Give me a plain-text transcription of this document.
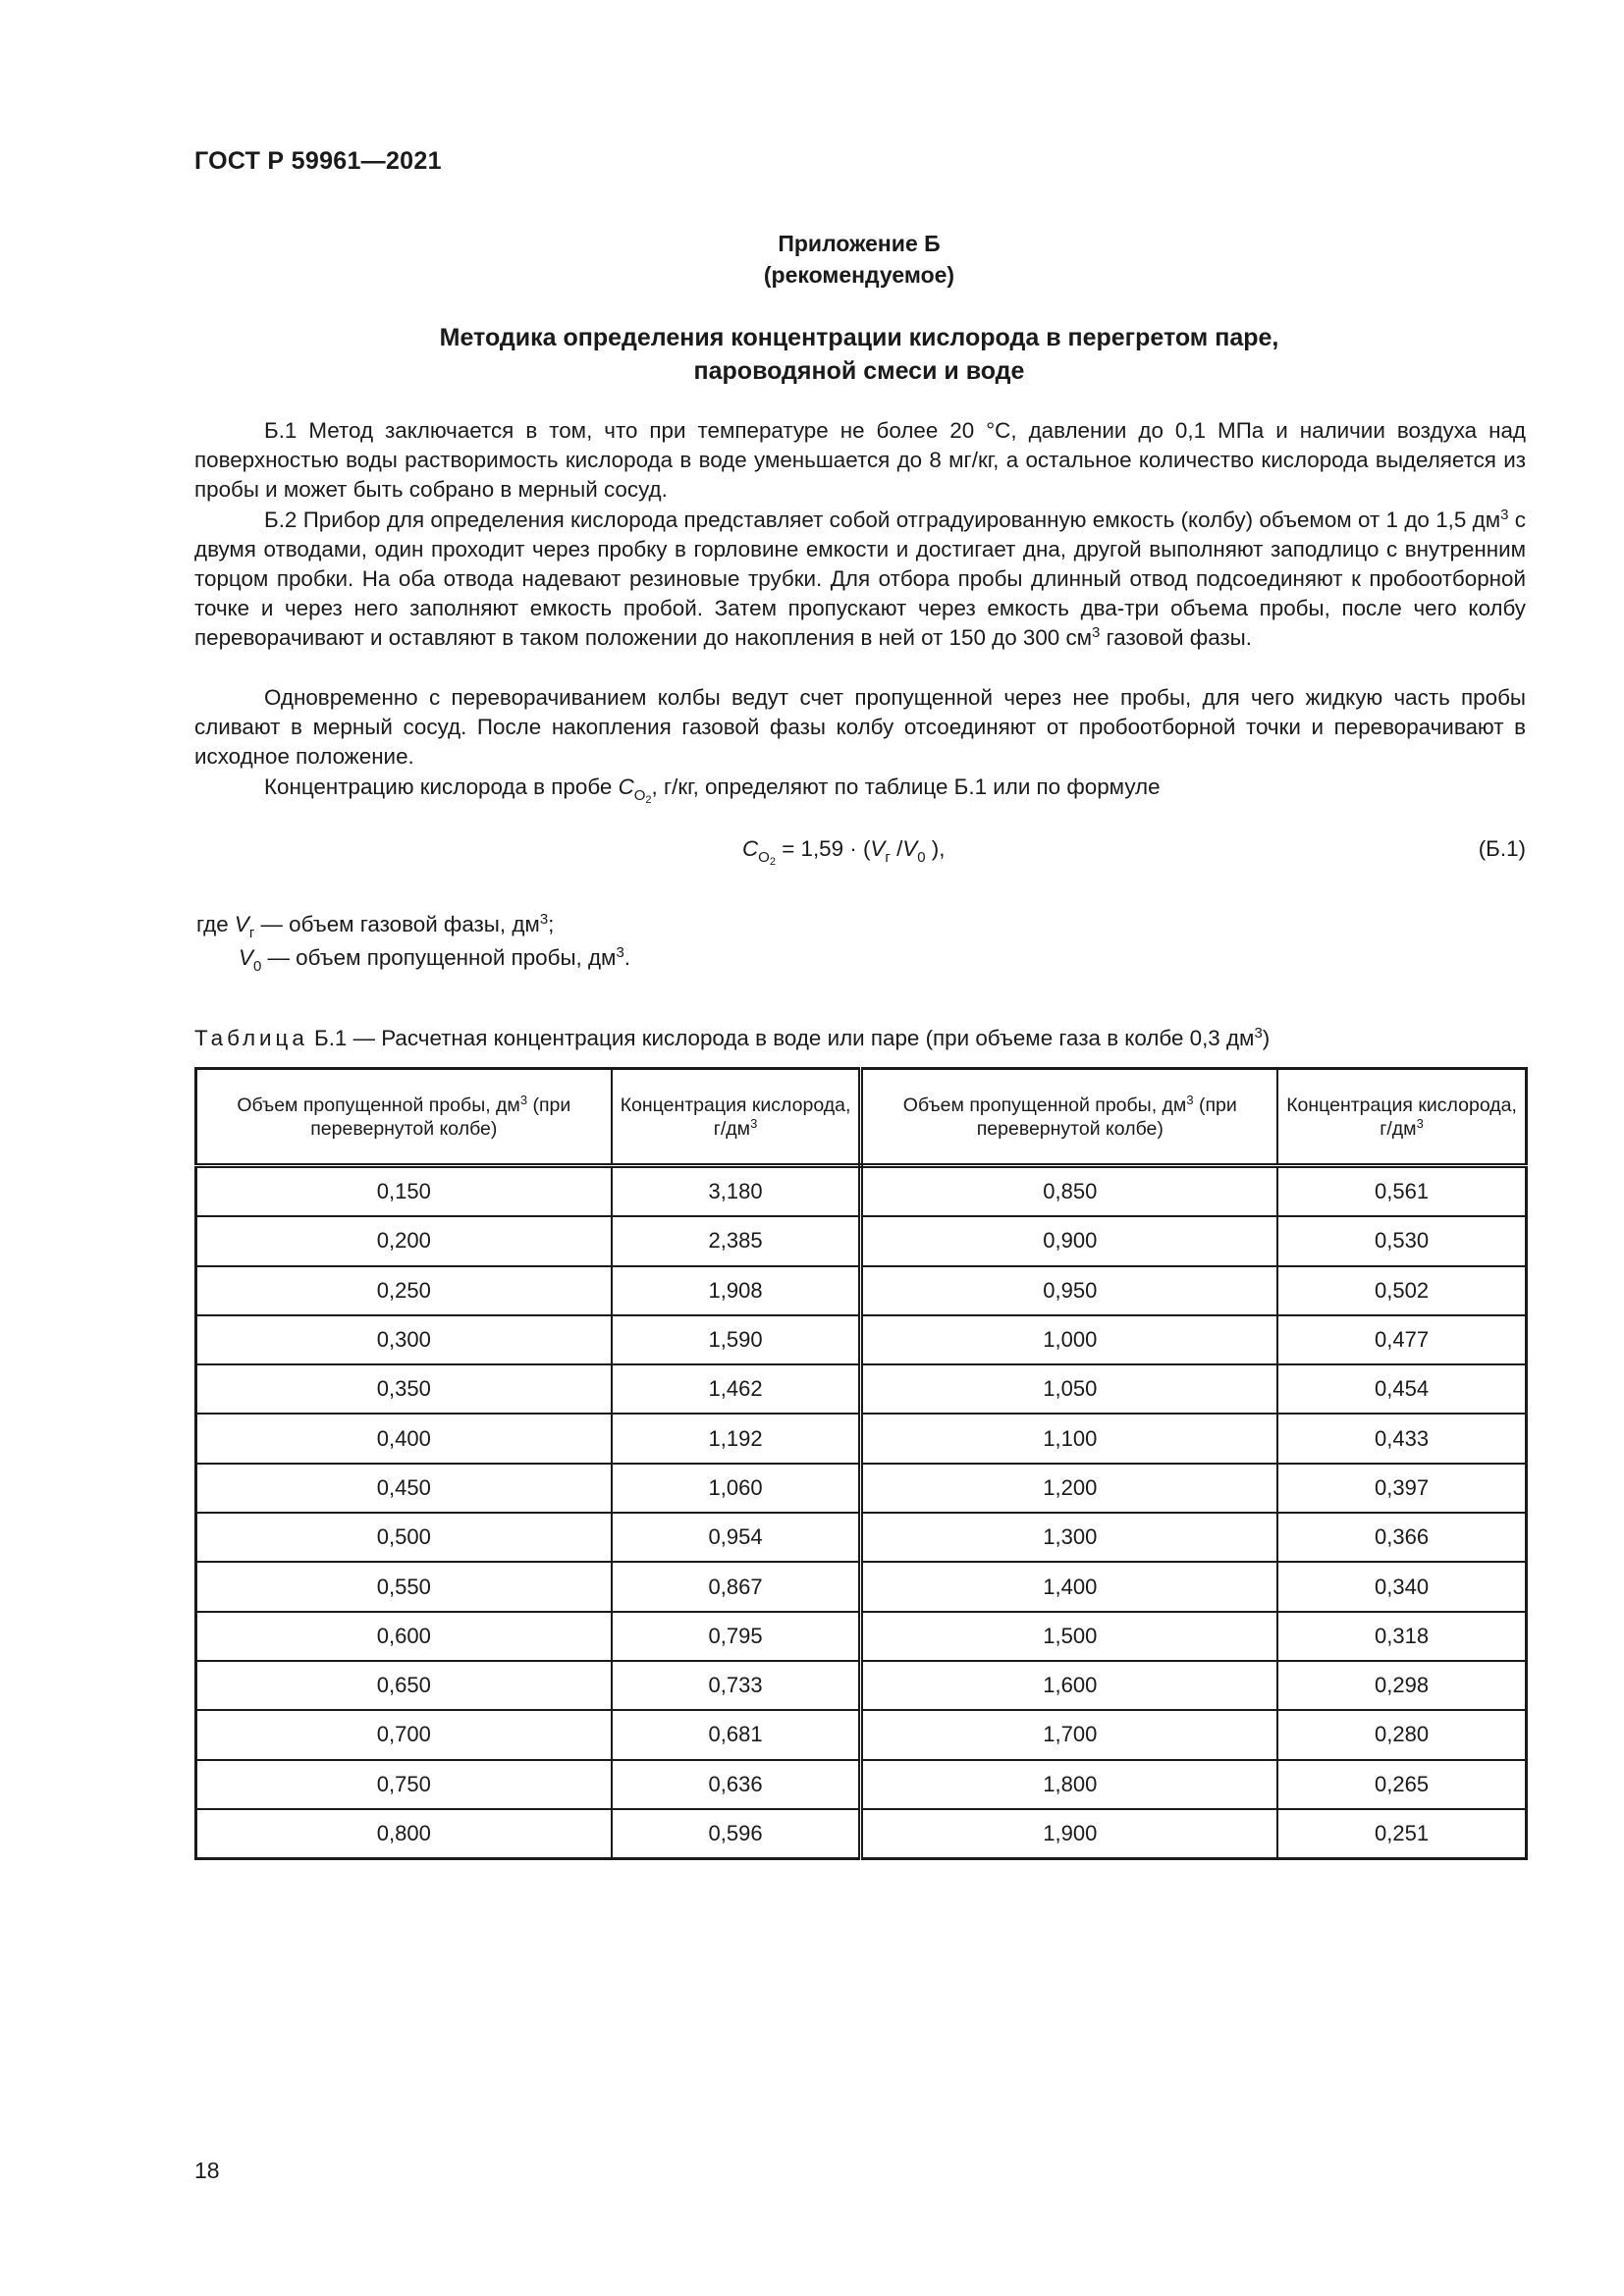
ГОСТ Р 59961—2021
Приложение Б
(рекомендуемое)
Методика определения концентрации кислорода в перегретом паре,
пароводяной смеси и воде

Б.1 Метод заключается в том, что при температуре не более 20 °С, давлении до 0,1 МПа и наличии воздуха над поверхностью воды растворимость кислорода в воде уменьшается до 8 мг/кг, а остальное количество кислорода выделяется из пробы и может быть собрано в мерный сосуд.

Б.2 Прибор для определения кислорода представляет собой отградуированную емкость (колбу) объемом от 1 до 1,5 $дм^3$ с двумя отводами, один проходит через пробку в горловине емкости и достигает дна, другой выполняют заподлицо с внутренним торцом пробки. На оба отвода надевают резиновые трубки. Для отбора пробы длинный отвод подсоединяют к пробоотборной точке и через него заполняют емкость пробой. Затем пропускают через емкость два-три объема пробы, после чего колбу переворачивают и оставляют в таком положении до накопления в ней от 150 до 300 $см^3$ газовой фазы.

Одновременно с переворачиванием колбы ведут счет пропущенной через нее пробы, для чего жидкую часть пробы сливают в мерный сосуд. После накопления газовой фазы колбу отсоединяют от пробоотборной точки и переворачивают в исходное положение.

Концентрацию кислорода в пробе $C_{O_2}$, г/кг, определяют по таблице Б.1 или по формуле

$C_{O_2} = 1,59 \cdot (V_г$ $/V_0$ ),	(Б.1)
где $V_г$ — объем газовой фазы, $дм^3$;
$V_0$ — объем пропущенной пробы, $дм^3$.
Таблица Б.1 — Расчетная концентрация кислорода в воде или паре (при объеме газа в колбе 0,3 $дм^3$)
Объем пропущенной пробы, $дм^3$ (при перевернутой колбе)	Концентрация кислорода, $г/дм^3$	Объем пропущенной пробы, $дм^3$ (при перевернутой колбе)	Концентрация кислорода, $г/дм^3$
0,150	3,180	0,850	0,561
0,200	2,385	0,900	0,530
0,250	1,908	0,950	0,502
0,300	1,590	1,000	0,477
0,350	1,462	1,050	0,454
0,400	1,192	1,100	0,433
0,450	1,060	1,200	0,397
0,500	0,954	1,300	0,366
0,550	0,867	1,400	0,340
0,600	0,795	1,500	0,318
0,650	0,733	1,600	0,298
0,700	0,681	1,700	0,280
0,750	0,636	1,800	0,265
0,800	0,596	1,900	0,251
18
